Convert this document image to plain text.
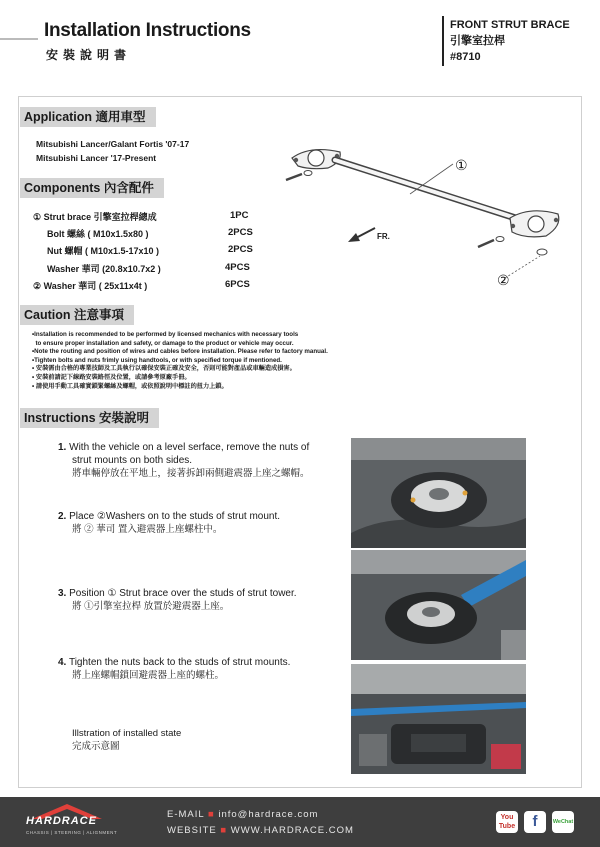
Installation Instructions
安裝說明書
FRONT STRUT BRACE
引擎室拉桿
#8710
Application 適用車型
Mitsubishi Lancer/Galant Fortis '07-17
Mitsubishi Lancer '17-Present
Components 內含配件
① Strut brace 引擎室拉桿總成	1PC
Bolt 螺絲 ( M10x1.5x80 )	2PCS
Nut 螺帽 ( M10x1.5-17x10 )	2PCS
Washer 華司 (20.8x10.7x2 )	4PCS
② Washer 華司 ( 25x11x4t )	6PCS
①
②
FR.
Caution 注意事項
•Installation is recommended to be performed by licensed mechanics with necessary tools
to ensure proper installation and safety, or damage to the product or vehicle may occur.
•Note the routing and position of wires and cables before installation. Please refer to factory manual.
•Tighten bolts and nuts frimly using handtools, or with specified torque if mentioned.
• 安裝需由合格的專業技師及工具執行以確保安裝正確及安全，否則可能對產品或車輛造成損害。
• 安裝前請記下線路安裝路徑及位置，或請參考原廠手冊。
• 請使用手動工具確實鎖緊螺絲及螺帽，或依照說明中標註的扭力上鎖。
Instructions 安裝說明
1. With the vehicle on a level serface, remove the nuts of
strut mounts on both sides.
將車輛停放在平地上，接著拆卸兩側避震器上座之螺帽。
2. Place ②Washers on to the studs of strut mount.
將 ② 華司 置入避震器上座螺柱中。
3. Position ① Strut brace over the studs of strut tower.
將 ①引擎室拉桿 放置於避震器上座。
4. Tighten the nuts back to the studs of strut mounts.
將上座螺帽鎖回避震器上座的螺柱。
Illstration of installed state
完成示意圖
HARDRACE
CHASSIS | STEERING | ALIGNMENT
E-MAIL ■ info@hardrace.com
WEBSITE ■ WWW.HARDRACE.COM
You Tube	f	WeChat
